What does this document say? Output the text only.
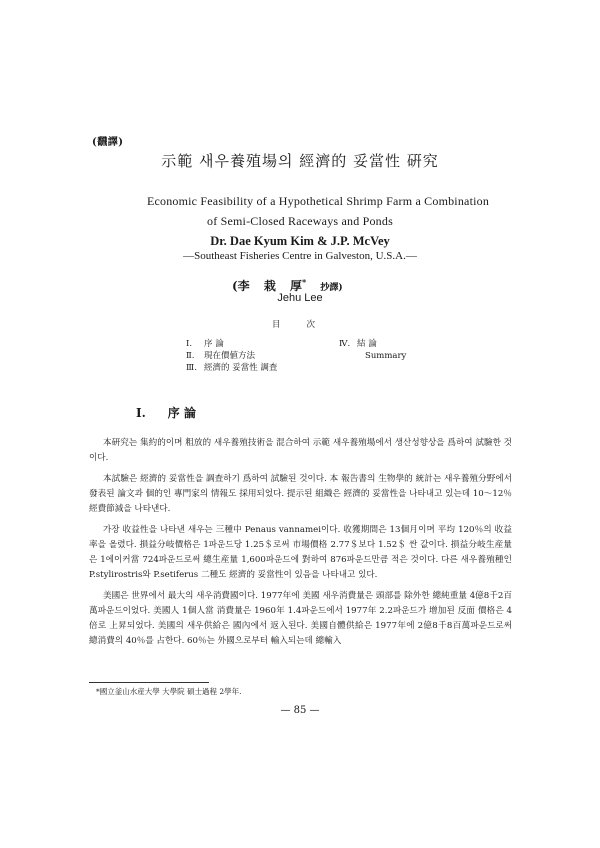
(飜譯)
示範 새우養殖場의 經濟的 妥當性 硏究
Economic Feasibility of a Hypothetical Shrimp Farm a Combination
of Semi-Closed Raceways and Ponds
Dr. Dae Kyum Kim & J.P. McVey
—Southeast Fisheries Centre in Galveston, U.S.A.—
(李 栽 厚* 抄譯)
Jehu Lee
目次
Ⅰ. 序 論
Ⅱ. 現在價値方法
Ⅲ. 經濟的 妥當性 調査
Ⅳ. 結 論
Summary
Ⅰ. 序 論

本硏究는 集約的이며 粗放的 새우養殖技術을 混合하여 示範 새우養殖場에서 생산성향상을 爲하여 試驗한 것이다.

本試驗은 經濟的 妥當性을 調査하기 爲하여 試驗된 것이다. 本 報告書의 生物學的 統計는 새우養殖分野에서 發表된 論文과 個的인 專門家의 情報도 採用되었다. 提示된 組織은 經濟的 妥當性을 나타내고 있는데 10～12％ 經費節減을 나타낸다.

가장 收益性을 나타낸 새우는 三種中 Penaus vannamei이다. 收獲期間은 13個月이며 平均 120％의 收益率을 올렸다. 損益分岐價格은 1파운드당 1.25＄로써 市場價格 2.77＄보다 1.52＄ 싼 값이다. 損益分岐生産量은 1에이커當 724파운드로써 總生産量 1,600파운드에 對하여 876파운드만큼 적은 것이다. 다른 새우養殖種인 P.stylirostris와 P.setiferus 二種도 經濟的 妥當性이 있음을 나타내고 있다.

美國은 世界에서 最大의 새우消費國이다. 1977年에 美國 새우消費量은 頭部를 除外한 總純重量 4億8千2百萬파운드이었다. 美國人 1個人當 消費量은 1960年 1.4파운드에서 1977年 2.2파운드가 增加된 反面 價格은 4倍로 上昇되었다. 美國의 새우供給은 國內에서 返入된다. 美國自體供給은 1977年에 2億8千8百萬파운드로써 總消費의 40％를 占한다. 60％는 外國으로부터 輸入되는데 總輸入

*國立釜山水産大學 大學院 碩士過程 2學年.
— 85 —
